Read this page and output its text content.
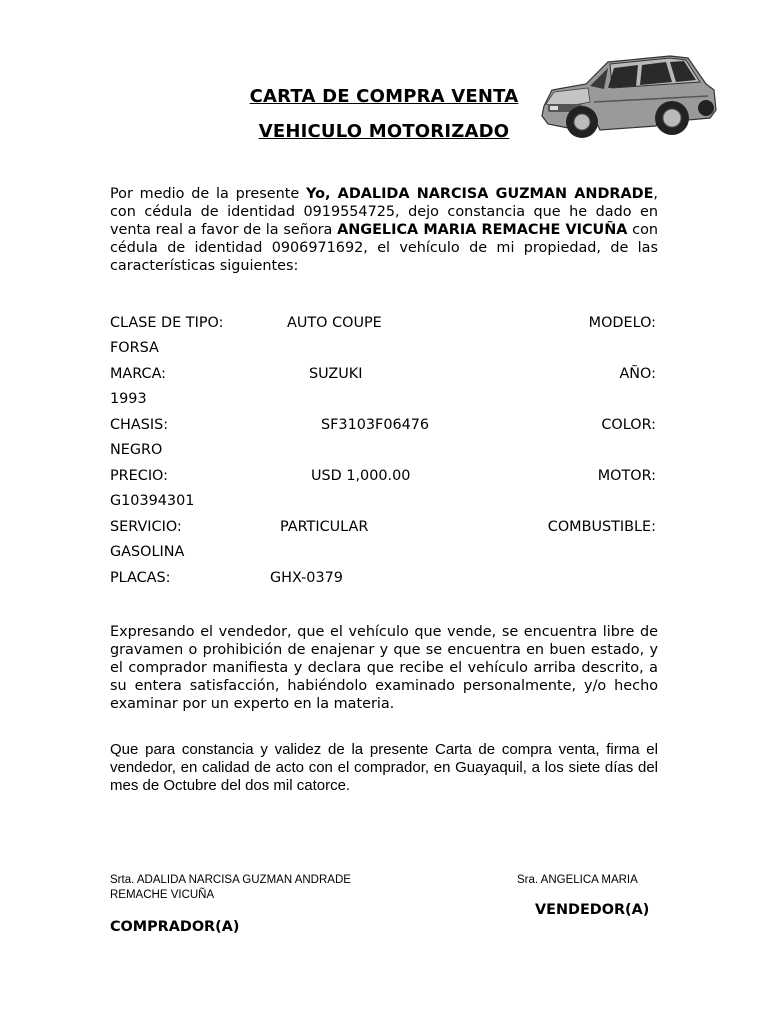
CARTA DE COMPRA VENTA
VEHICULO MOTORIZADO
Por medio de la presente Yo, ADALIDA NARCISA GUZMAN ANDRADE, con cédula de identidad 0919554725, dejo constancia que he dado en venta real a favor de la señora ANGELICA MARIA REMACHE VICUÑA con cédula de identidad 0906971692, el vehículo de mi propiedad, de las características siguientes:
CLASE DE TIPO:	AUTO COUPE	MODELO:
FORSA
MARCA:	SUZUKI	AÑO:
1993
CHASIS:	SF3103F06476	COLOR:
NEGRO
PRECIO:	USD 1,000.00	MOTOR:
G10394301
SERVICIO:	PARTICULAR	COMBUSTIBLE:
GASOLINA
PLACAS:	GHX-0379
Expresando el vendedor, que el vehículo que vende, se encuentra libre de gravamen o prohibición de enajenar y que se encuentra en buen estado, y el comprador manifiesta y declara que recibe el vehículo arriba descrito, a su entera satisfacción, habiéndolo examinado personalmente, y/o hecho examinar por un experto en la materia.
Que para constancia y validez de la presente Carta de compra venta, firma el vendedor, en calidad de acto con el comprador, en Guayaquil, a los siete días del mes de Octubre del dos mil catorce.
Srta. ADALIDA NARCISA GUZMAN ANDRADE
REMACHE VICUÑA
Sra. ANGELICA MARIA
VENDEDOR(A)
COMPRADOR(A)
